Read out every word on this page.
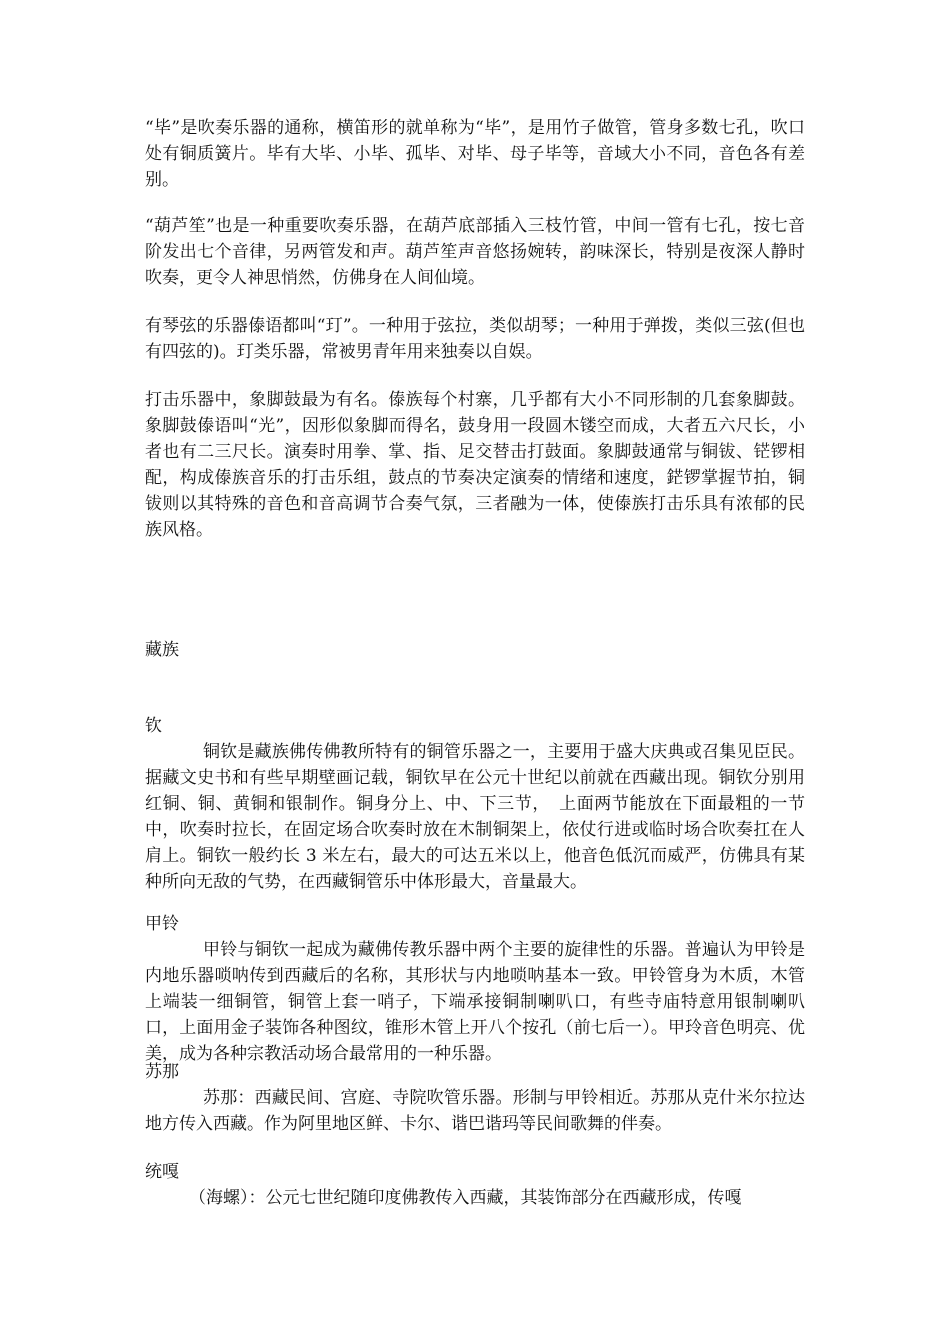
“毕”是吹奏乐器的通称，横笛形的就单称为“毕”，是用竹子做管，管身多数七孔，吹口处有铜质簧片。毕有大毕、小毕、孤毕、对毕、母子毕等，音域大小不同，音色各有差别。

“葫芦笙”也是一种重要吹奏乐器，在葫芦底部插入三枝竹管，中间一管有七孔，按七音阶发出七个音律，另两管发和声。葫芦笙声音悠扬婉转，韵味深长，特别是夜深人静时吹奏，更令人神思悄然，仿佛身在人间仙境。

有琴弦的乐器傣语都叫“玎”。一种用于弦拉，类似胡琴；一种用于弹拨，类似三弦(但也有四弦的)。玎类乐器，常被男青年用来独奏以自娱。

打击乐器中，象脚鼓最为有名。傣族每个村寨，几乎都有大小不同形制的几套象脚鼓。象脚鼓傣语叫“光”，因形似象脚而得名，鼓身用一段圆木镂空而成，大者五六尺长，小者也有二三尺长。演奏时用拳、掌、指、足交替击打鼓面。象脚鼓通常与铜钹、铓锣相配，构成傣族音乐的打击乐组，鼓点的节奏决定演奏的情绪和速度，鋩锣掌握节拍，铜钹则以其特殊的音色和音高调节合奏气氛，三者融为一体，使傣族打击乐具有浓郁的民族风格。

藏族

钦

铜钦是藏族佛传佛教所特有的铜管乐器之一，主要用于盛大庆典或召集见臣民。据藏文史书和有些早期壁画记载，铜钦早在公元十世纪以前就在西藏出现。铜钦分别用红铜、铜、黄铜和银制作。铜身分上、中、下三节，　上面两节能放在下面最粗的一节中，吹奏时拉长，在固定场合吹奏时放在木制铜架上，依仗行进或临时场合吹奏扛在人肩上。铜钦一般约长 3 米左右，最大的可达五米以上，他音色低沉而威严，仿佛具有某种所向无敌的气势，在西藏铜管乐中体形最大，音量最大。

甲铃

甲铃与铜钦一起成为藏佛传教乐器中两个主要的旋律性的乐器。普遍认为甲铃是内地乐器唢呐传到西藏后的名称，其形状与内地唢呐基本一致。甲铃管身为木质，木管上端装一细铜管，铜管上套一哨子，下端承接铜制喇叭口，有些寺庙特意用银制喇叭口，上面用金子装饰各种图纹，锥形木管上开八个按孔（前七后一）。甲玲音色明亮、优美，成为各种宗教活动场合最常用的一种乐器。

苏那

苏那：西藏民间、宫庭、寺院吹管乐器。形制与甲铃相近。苏那从克什米尔拉达地方传入西藏。作为阿里地区鲜、卡尔、谐巴谐玛等民间歌舞的伴奏。

统嘎

（海螺）：公元七世纪随印度佛教传入西藏，其装饰部分在西藏形成，传嘎
